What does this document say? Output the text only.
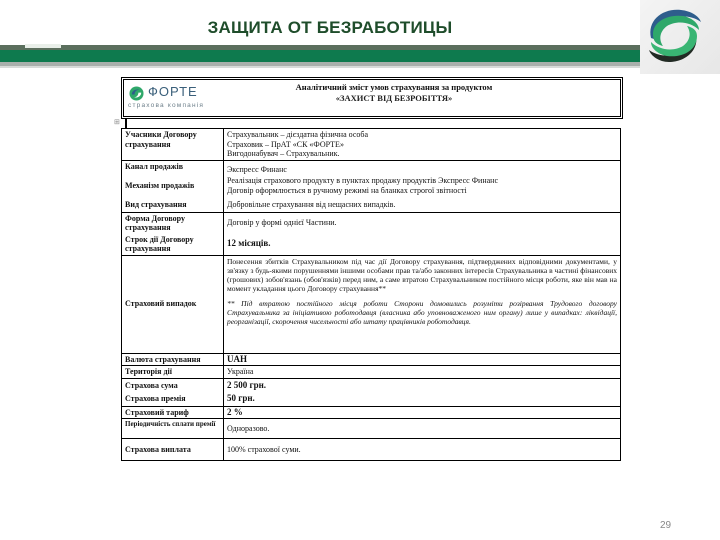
ЗАЩИТА ОТ БЕЗРАБОТИЦЫ
ФОРТЕ
страхова компанія
Аналітичний зміст умов страхування за продуктом
«ЗАХИСТ ВІД БЕЗРОБІТТЯ»
⊞
Учасники Договору страхування	Страхувальник – дієздатна фізична особа
Страховик – ПрАТ «СК «ФОРТЕ»
Вигодонабувач – Страхувальник.

Канал продажів	Экспресс Финанс
Механізм продажів	Реалізація страхового продукту в пунктах продажу продуктів Экспресс Финанс
Договір оформлюється в ручному режимі на бланках строгої звітності

Вид страхування	Добровільне страхування від нещасних випадків.
Форма Договору страхування	Договір у формі однієї Частини.
Строк дії Договору страхування	12 місяців.
Страховий випадок	Понесення збитків Страхувальником під час дії Договору страхування, підтверджених відповідними документами, у зв'язку з будь-якими порушеннями іншими особами прав та/або законних інтересів Страхувальника в частині фінансових (грошових) зобов'язань (обов'язків) перед ним, а саме втратою Страхувальником постійного місця роботи, яке він мав на момент укладання цього Договору страхування**
** Під втратою постійного місця роботи Сторони домовились розуміти розірвання Трудового договору Страхувальника за ініціативою роботодавця (власника або уповноваженого ним органу) лише у випадках: ліквідації, реорганізації, скорочення чисельності або штату працівників роботодавця.

Валюта страхування	UAH
Територія дії	Україна
Страхова сума	2 500 грн.
Страхова премія	50 грн.
Страховий тариф	2 %
Періодичність сплати премії	Одноразово.
Страхова виплата	100% страхової суми.
29
